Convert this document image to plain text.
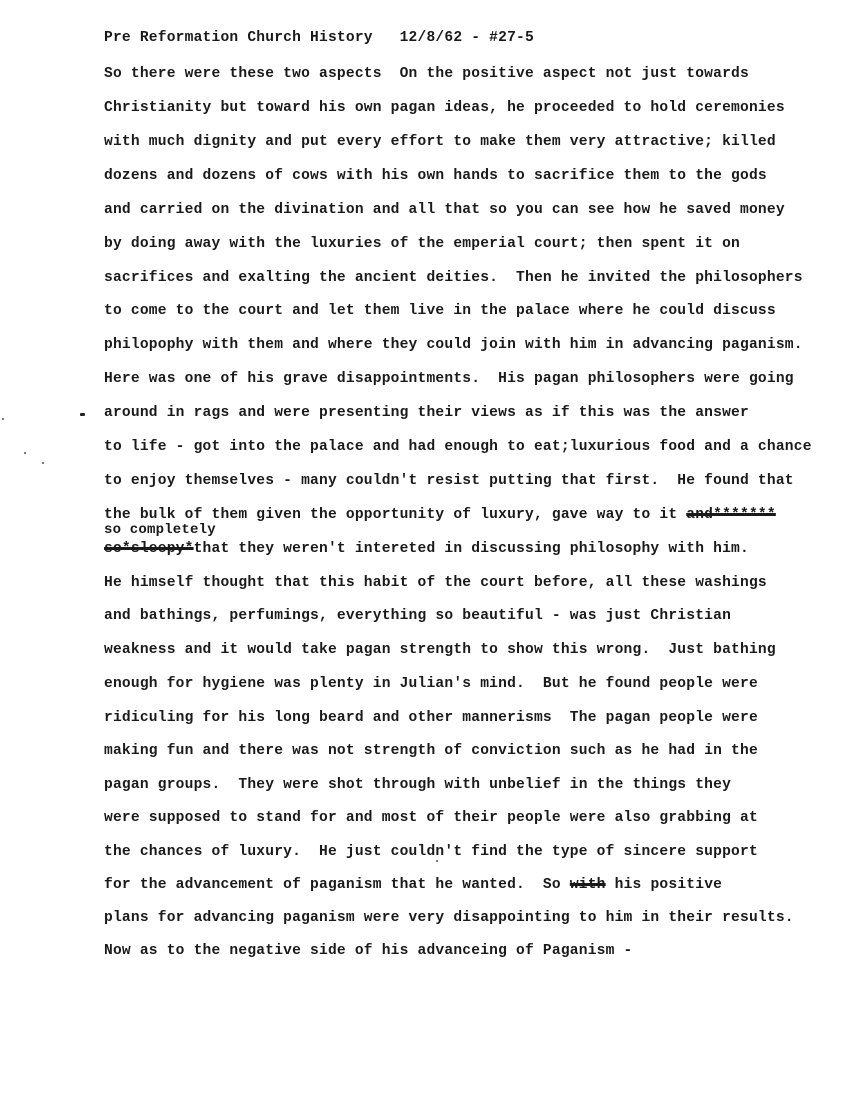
Pre Reformation Church History   12/8/62 - #27-5
So there were these two aspects  On the positive aspect not just towards
Christianity but toward his own pagan ideas, he proceeded to hold ceremonies
with much dignity and put every effort to make them very attractive; killed
dozens and dozens of cows with his own hands to sacrifice them to the gods
and carried on the divination and all that so you can see how he saved money
by doing away with the luxuries of the emperial court; then spent it on
sacrifices and exalting the ancient deities.  Then he invited the philosophers
to come to the court and let them live in the palace where he could discuss
philopophy with them and where they could join with him in advancing paganism.
Here was one of his grave disappointments.  His pagan philosophers were going
around in rags and were presenting their views as if this was the answer
to life - got into the palace and had enough to eat;luxurious food and a chance
to enjoy themselves - many couldn't resist putting that first.  He found that
the bulk of them given the opportunity of luxury, gave way to it and*******
so completely
so*sleepy*that they weren't intereted in discussing philosophy with him.
He himself thought that this habit of the court before, all these washings
and bathings, perfumings, everything so beautiful - was just Christian
weakness and it would take pagan strength to show this wrong.  Just bathing
enough for hygiene was plenty in Julian's mind.  But he found people were
ridiculing for his long beard and other mannerisms  The pagan people were
making fun and there was not strength of conviction such as he had in the
pagan groups.  They were shot through with unbelief in the things they
were supposed to stand for and most of their people were also grabbing at
the chances of luxury.  He just couldn't find the type of sincere support
for the advancement of paganism that he wanted.  So with his positive
plans for advancing paganism were very disappointing to him in their results.
Now as to the negative side of his advanceing of Paganism -
